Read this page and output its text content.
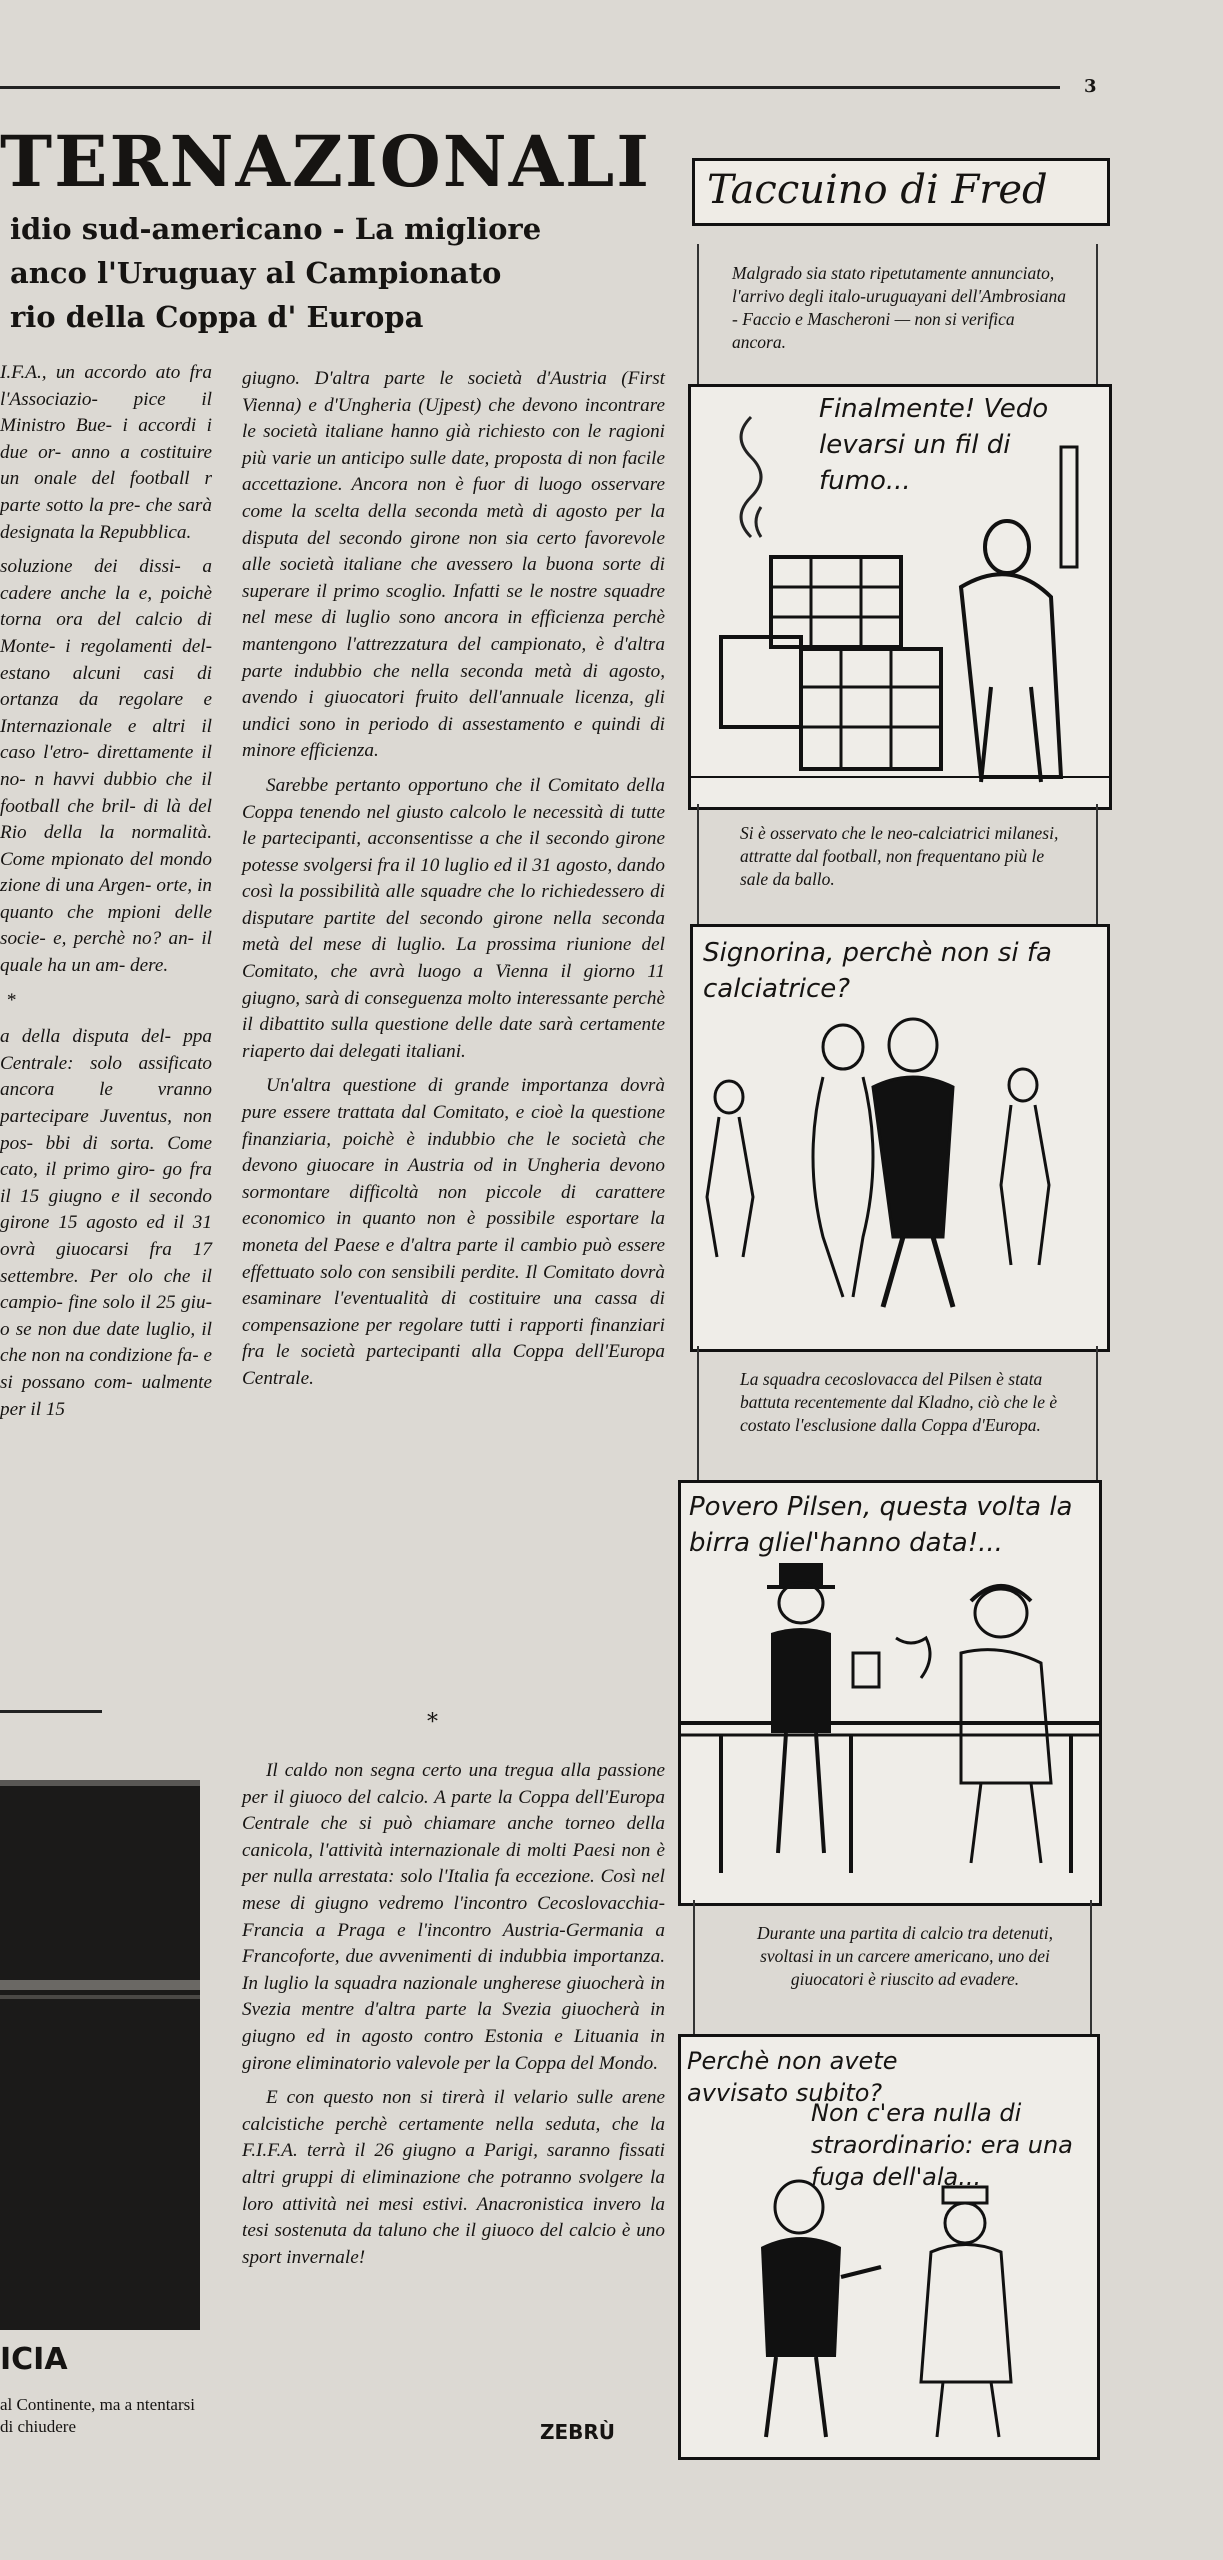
3
TERNAZIONALI
idio sud-americano - La migliore
anco l'Uruguay al Campionato
rio della Coppa d' Europa

I.F.A., un accordo ato fra l'Associazio- pice il Ministro Bue- i accordi i due or- anno a costituire un onale del football r parte sotto la pre- che sarà designata la Repubblica.

soluzione dei dissi- a cadere anche la e, poichè torna ora del calcio di Monte- i regolamenti del- estano alcuni casi di ortanza da regolare e Internazionale e altri il caso l'etro- direttamente il no- n havvi dubbio che il football che bril- di là del Rio della la normalità. Come mpionato del mondo zione di una Argen- orte, in quanto che mpioni delle socie- e, perchè no? an- il quale ha un am- dere.

*

a della disputa del- ppa Centrale: solo assificato ancora le vranno partecipare Juventus, non pos- bbi di sorta. Come cato, il primo giro- go fra il 15 giugno e il secondo girone 15 agosto ed il 31 ovrà giuocarsi fra 17 settembre. Per olo che il campio- fine solo il 25 giu- o se non due date luglio, il che non na condizione fa- e si possano com- ualmente per il 15

ICIA
al Continente, ma a ntentarsi di chiudere

giugno. D'altra parte le società d'Austria (First Vienna) e d'Ungheria (Ujpest) che devono incontrare le società italiane hanno già richiesto con le ragioni più varie un anticipo sulle date, proposta di non facile accettazione. Ancora non è fuor di luogo osservare come la scelta della seconda metà di agosto per la disputa del secondo girone non sia certo favorevole alle società italiane che avessero la buona sorte di superare il primo scoglio. Infatti se le nostre squadre nel mese di luglio sono ancora in efficienza perchè mantengono l'attrezzatura del campionato, è d'altra parte indubbio che nella seconda metà di agosto, avendo i giuocatori fruito dell'annuale licenza, gli undici sono in periodo di assestamento e quindi di minore efficienza.

Sarebbe pertanto opportuno che il Comitato della Coppa tenendo nel giusto calcolo le necessità di tutte le partecipanti, acconsentisse a che il secondo girone potesse svolgersi fra il 10 luglio ed il 31 agosto, dando così la possibilità alle squadre che lo richiedessero di disputare partite del secondo girone nella seconda metà del mese di luglio. La prossima riunione del Comitato, che avrà luogo a Vienna il giorno 11 giugno, sarà di conseguenza molto interessante perchè il dibattito sulla questione delle date sarà certamente riaperto dai delegati italiani.

Un'altra questione di grande importanza dovrà pure essere trattata dal Comitato, e cioè la questione finanziaria, poichè è indubbio che le società che devono giuocare in Austria od in Ungheria devono sormontare difficoltà non piccole di carattere economico in quanto non è possibile esportare la moneta del Paese e d'altra parte il cambio può essere effettuato solo con sensibili perdite. Il Comitato dovrà esaminare l'eventualità di costituire una cassa di compensazione per regolare tutti i rapporti finanziari fra le società partecipanti alla Coppa dell'Europa Centrale.

*

Il caldo non segna certo una tregua alla passione per il giuoco del calcio. A parte la Coppa dell'Europa Centrale che si può chiamare anche torneo della canicola, l'attività internazionale di molti Paesi non è per nulla arrestata: solo l'Italia fa eccezione. Così nel mese di giugno vedremo l'incontro Cecoslovacchia-Francia a Praga e l'incontro Austria-Germania a Francoforte, due avvenimenti di indubbia importanza. In luglio la squadra nazionale ungherese giuocherà in Svezia mentre d'altra parte la Svezia giuocherà in giugno ed in agosto contro Estonia e Lituania in girone eliminatorio valevole per la Coppa del Mondo.

E con questo non si tirerà il velario sulle arene calcistiche perchè certamente nella seduta, che la F.I.F.A. terrà il 26 giugno a Parigi, saranno fissati altri gruppi di eliminazione che potranno svolgere la loro attività nei mesi estivi. Anacronistica invero la tesi sostenuta da taluno che il giuoco del calcio è uno sport invernale!

ZEBRÙ
Taccuino di Fred
Malgrado sia stato ripetutamente annunciato, l'arrivo degli italo-uruguayani dell'Ambrosiana - Faccio e Mascheroni — non si verifica ancora.
Finalmente! Vedo levarsi un fil di fumo...
Si è osservato che le neo-calciatrici milanesi, attratte dal football, non frequentano più le sale da ballo.
Signorina, perchè non si fa calciatrice?
La squadra cecoslovacca del Pilsen è stata battuta recentemente dal Kladno, ciò che le è costato l'esclusione dalla Coppa d'Europa.
Povero Pilsen, questa volta la birra gliel'hanno data!...
Durante una partita di calcio tra detenuti, svoltasi in un carcere americano, uno dei giuocatori è riuscito ad evadere.
Perchè non avete avvisato subito?
Non c'era nulla di straordinario: era una fuga dell'ala...
